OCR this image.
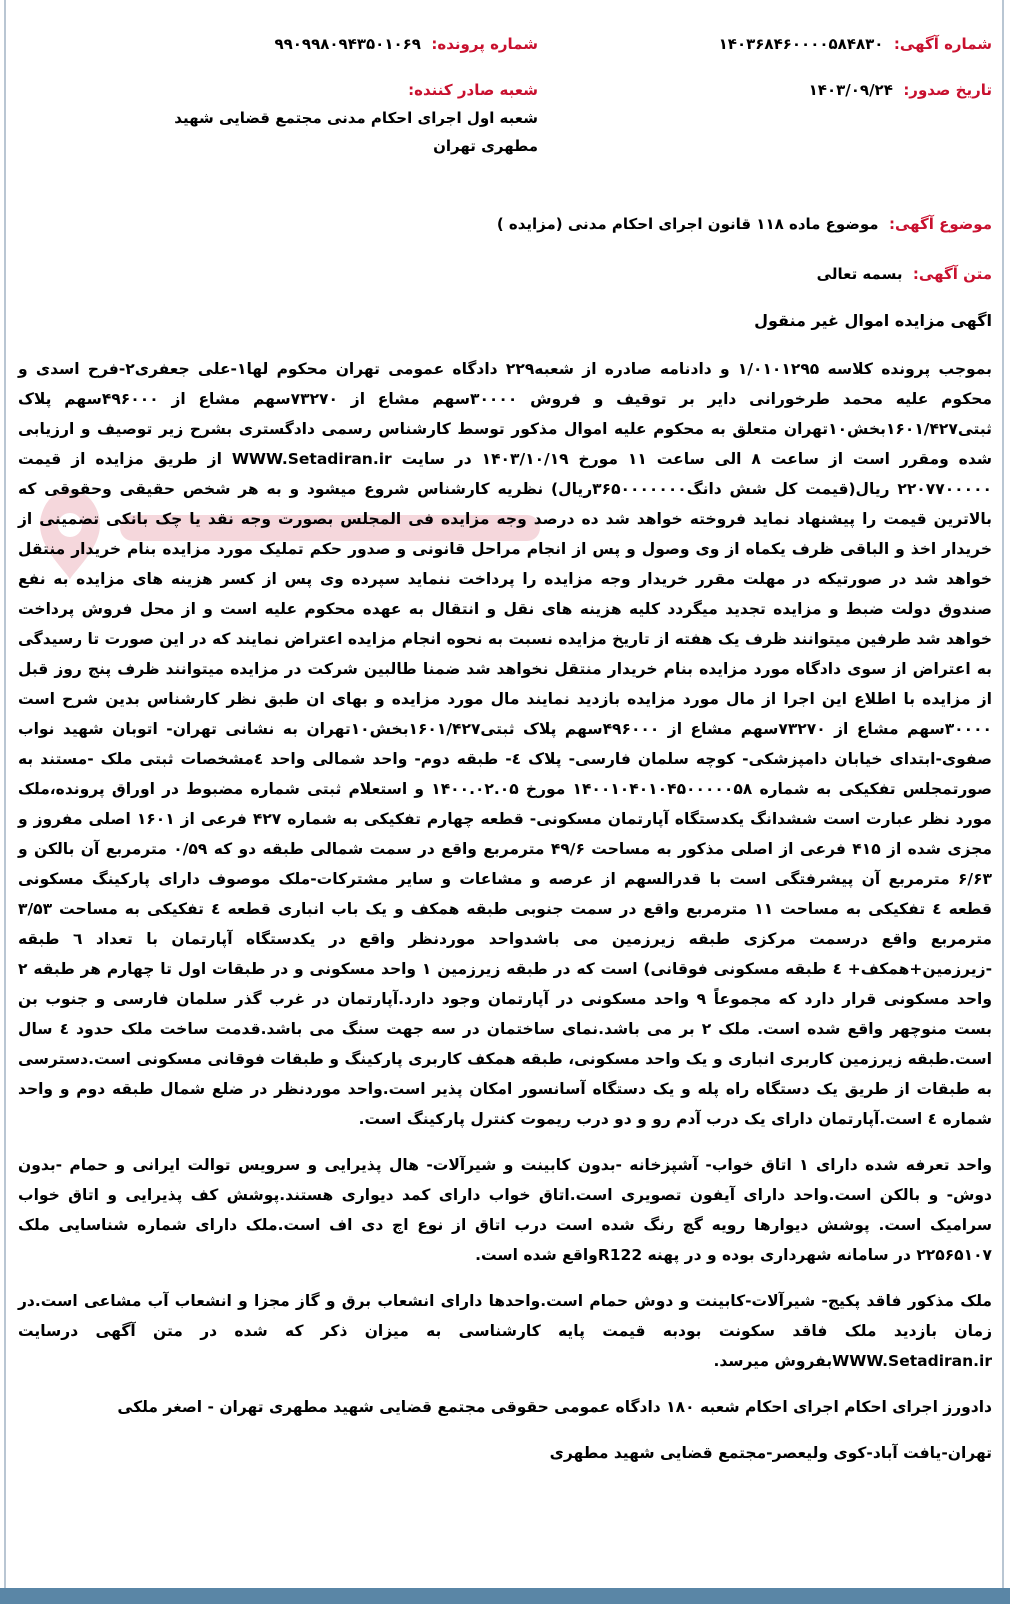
شماره آگهی:  ۱۴۰۳۶۸۴۶۰۰۰۰۵۸۴۸۳۰
شماره پرونده:  ۹۹۰۹۹۸۰۹۴۳۵۰۱۰۶۹
تاریخ صدور:  ۱۴۰۳/۰۹/۲۴
شعبه صادر کننده: شعبه اول اجرای احکام مدنی مجتمع قضایی شهید مطهری تهران
موضوع آگهی:  موضوع ماده ۱۱۸ قانون اجرای احکام مدنی (مزایده )
متن آگهی:  بسمه تعالی
اگهی مزایده اموال غیر منقول

بموجب پرونده کلاسه ۱/۰۱۰۱۲۹۵ و دادنامه صادره از شعبه۲۲۹ دادگاه عمومی تهران محکوم لها۱-علی جعفری۲-فرح اسدی و محکوم علیه محمد طرخورانی دایر بر توقیف و فروش ۳۰۰۰۰سهم مشاع از ۷۳۲۷۰سهم مشاع از ۴۹۶۰۰۰سهم پلاک ثبتی۱۶۰۱/۴۲۷بخش۱۰تهران متعلق به محکوم علیه اموال مذکور توسط کارشناس رسمی دادگستری بشرح زیر توصیف و ارزیابی شده ومقرر است از ساعت ۸ الی ساعت ۱۱ مورخ ۱۴۰۳/۱۰/۱۹ در سایت WWW.Setadiran.ir از طریق مزایده از قیمت ۲۲۰۷۷۰۰۰۰۰ ریال(قیمت کل شش دانگ۳۶۵۰۰۰۰۰۰۰ریال) نظریه کارشناس شروع میشود و به هر شخص حقیقی وحقوقی که بالاترین قیمت را پیشنهاد نماید فروخته خواهد شد ده درصد وجه مزایده فی المجلس بصورت وجه نقد یا چک بانکی تضمینی از خریدار اخذ و الباقی ظرف یکماه از وی وصول و پس از انجام مراحل قانونی و صدور حکم تملیک مورد مزایده بنام خریدار منتقل خواهد شد در صورتیکه در مهلت مقرر خریدار وجه مزایده را پرداخت ننماید سپرده وی پس از کسر هزینه های مزایده به نفع صندوق دولت ضبط و مزایده تجدید میگردد کلیه هزینه های نقل و انتقال به عهده محکوم علیه است و از محل فروش پرداخت خواهد شد طرفین میتوانند ظرف یک هفته از تاریخ مزایده نسبت به نحوه انجام مزایده اعتراض نمایند که در این صورت تا رسیدگی به اعتراض از سوی دادگاه مورد مزایده بنام خریدار منتقل نخواهد شد ضمنا طالبین شرکت در مزایده میتوانند ظرف پنج روز قبل از مزایده با اطلاع این اجرا از مال مورد مزایده بازدید نمایند مال مورد مزایده و بهای ان طبق نظر کارشناس بدین شرح است ۳۰۰۰۰سهم مشاع از ۷۳۲۷۰سهم مشاع از ۴۹۶۰۰۰سهم پلاک ثبتی۱۶۰۱/۴۲۷بخش۱۰تهران به نشانی تهران- اتوبان شهید نواب صفوی-ابتدای خیابان دامپزشکی- کوچه سلمان فارسی- پلاک ٤- طبقه دوم- واحد شمالی واحد ٤مشخصات ثبتی ملک -مستند به صورتمجلس تفکیکی به شماره ۱۴۰۰۱۰۴۰۱۰۴۵۰۰۰۰۰۵۸ مورخ ۱۴۰۰.۰۲.۰۵ و استعلام ثبتی شماره مضبوط در اوراق پرونده،ملک مورد نظر عبارت است ششدانگ یکدستگاه آپارتمان مسکونی- قطعه چهارم تفکیکی به شماره ۴۲۷ فرعی از ۱۶۰۱ اصلی مفروز و مجزی شده از ۴۱۵ فرعی از اصلی مذکور به مساحت ۴۹/۶ مترمربع واقع در سمت شمالی طبقه دو که ۰/۵۹ مترمربع آن بالکن و ۶/۶۳ مترمربع آن پیشرفتگی است با قدرالسهم از عرصه و مشاعات و سایر مشترکات-ملک موصوف دارای پارکینگ مسکونی قطعه ٤ تفکیکی به مساحت ۱۱ مترمربع واقع در سمت جنوبی طبقه همکف و یک باب انباری قطعه ٤ تفکیکی به مساحت ۳/۵۳ مترمربع واقع درسمت مرکزی طبقه زیرزمین می باشدواحد موردنظر واقع در یکدستگاه آپارتمان با تعداد ٦ طبقه -زیرزمین+همکف+ ٤ طبقه مسکونی فوقانی) است که در طبقه زیرزمین ۱ واحد مسکونی و در طبقات اول تا چهارم هر طبقه ۲ واحد مسکونی قرار دارد که مجموعاً ۹ واحد مسکونی در آپارتمان وجود دارد.آپارتمان در غرب گذر سلمان فارسی و جنوب بن بست منوچهر واقع شده است. ملک ۲ بر می باشد.نمای ساختمان در سه جهت سنگ می باشد.قدمت ساخت ملک حدود ٤ سال است.طبقه زیرزمین کاربری انباری و یک واحد مسکونی، طبقه همکف کاربری پارکینگ و طبقات فوقانی مسکونی است.دسترسی به طبقات از طریق یک دستگاه راه پله و یک دستگاه آسانسور امکان پذیر است.واحد موردنظر در ضلع شمال طبقه دوم و واحد شماره ٤ است.آپارتمان دارای یک درب آدم رو و دو درب ریموت کنترل پارکینگ است.

واحد تعرفه شده دارای ۱ اتاق خواب- آشپزخانه -بدون کابینت و شیرآلات- هال پذیرایی و سرویس توالت ایرانی و حمام -بدون دوش- و بالکن است.واحد دارای آیفون تصویری است.اتاق خواب دارای کمد دیواری هستند.پوشش کف پذیرایی و اتاق خواب سرامیک است. پوشش دیوارها رویه گچ رنگ شده است درب اتاق از نوع اچ دی اف است.ملک دارای شماره شناسایی ملک ۲۲۵۶۵۱۰۷ در سامانه شهرداری بوده و در پهنه R122واقع شده است.

ملک مذکور فاقد پکیج- شیرآلات-کابینت و دوش حمام است.واحدها دارای انشعاب برق و گاز مجزا و انشعاب آب مشاعی است.در زمان بازدید ملک فاقد سکونت بودبه قیمت پایه کارشناسی به میزان ذکر که شده در متن آگهی درسایت WWW.Setadiran.irبفروش میرسد.

دادورز اجرای احکام اجرای احکام شعبه ۱۸۰ دادگاه عمومی حقوقی مجتمع قضایی شهید مطهری تهران - اصغر ملکی

تهران-یافت آباد-کوی ولیعصر-مجتمع قضایی شهید مطهری
